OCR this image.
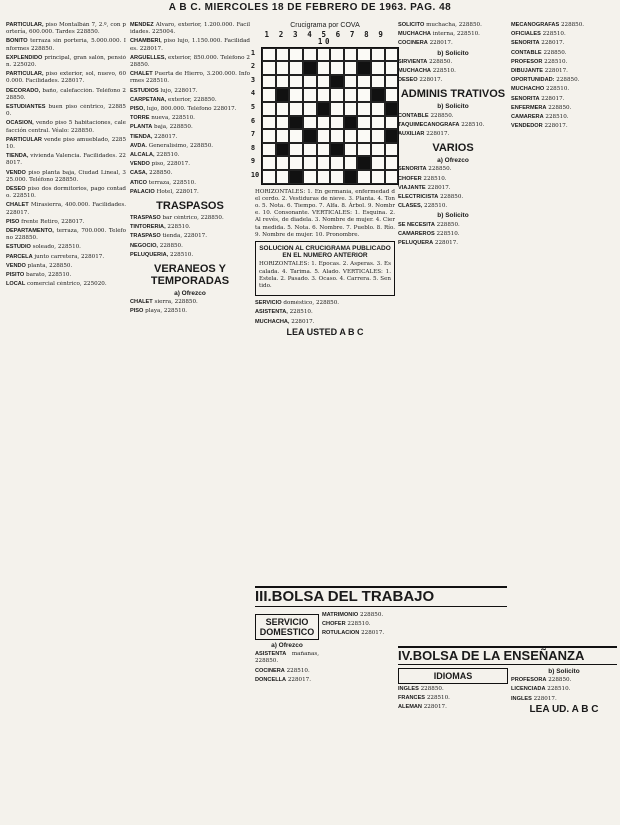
A B C. MIERCOLES 18 DE FEBRERO DE 1963. PAG. 48
PARTICULAR, piso Montalbán 7, 2.º, con portería, 600.000. Tardes 228850.
BONITO terraza sin portería, 5.000.000. Informes 228850.
EXPLENDIDO principal, gran salón, pensión. 225020.
PARTICULAR, piso exterior, sol, nuevo, 600.000. Facilidades. 228017.
DECORADO, baño, calefacción. Teléfono 228850.
ESTUDIANTES buen piso céntrico, 228850.
OCASION, vendo piso 5 habitaciones, calefacción central. Véalo: 228850.
PARTICULAR vende piso amueblado, 228510.
TIENDA, vivienda Valencia. Facilidades. 228017.
VENDO piso planta baja, Ciudad Lineal, 325.000. Teléfono 228850.
DESEO piso dos dormitorios, pago contado. 228510.
CHALET Mirasierra, 400.000. Facilidades. 228017.
PISO frente Retiro, 228017.
DEPARTAMENTO, terraza, 700.000. Teléfono 228850.
ESTUDIO soleado, 228510.
PARCELA junto carretera, 228017.
VENDO planta, 228850.
PISITO barato, 228510.
LOCAL comercial céntrico, 225020.
MENDEZ Alvaro, exterior, 1.200.000. Facilidades. 225004.
CHAMBERI, piso lujo, 1.150.000. Facilidades. 228017.
ARGUELLES, exterior, 850.000. Teléfono 228850.
CHALET Puerta de Hierro, 3.200.000. Informes 228510.
ESTUDIOS lujo, 228017.
CARPETANA, exterior, 228850.
PISO, lujo, 800.000. Teléfono 228017.
TORRE nueva, 228510.
PLANTA baja, 228850.
TIENDA, 228017.
AVDA. Generalísimo, 228850.
ALCALA, 228510.
VENDO piso, 228017.
CASA, 228850.
ATICO terraza, 228510.
PALACIO Hotel, 228017.
TRASPASOS
TRASPASO bar céntrico, 228850.
TINTORERIA, 228510.
TRASPASO tienda, 228017.
NEGOCIO, 228850.
PELUQUERIA, 228510.
VERANEOS Y TEMPORADAS
a) Ofrezco
CHALET sierra, 228850.
PISO playa, 228510.
Crucigrama por COVA
1 2 3 4 5 6 7 8 9 10
1
2
3
4
5
6
7
8
9
10
HORIZONTALES: 1. En germanía, enfermedad del cerdo. 2. Vestiduras de nieve. 3. Planta. 4. Tono. 5. Nota. 6. Tiempo. 7. Alfa. 8. Árbol. 9. Nombre. 10. Consonante. VERTICALES: 1. Esquina. 2. Al revés, de diadela. 3. Nombre de mujer. 4. Cierta medida. 5. Nota. 6. Nombre. 7. Pueblo. 8. Río. 9. Nombre de mujer. 10. Pronombre.
SOLUCION AL CRUCIGRAMA PUBLICADO EN EL NUMERO ANTERIOR
HORIZONTALES: 1. Epocas. 2. Asperas. 3. Escalada. 4. Tarima. 5. Alado. VERTICALES: 1. Estela. 2. Pasado. 3. Ocaso. 4. Carrera. 5. Sentido.
SERVICIO doméstico, 228850.
ASISTENTA, 228510.
MUCHACHA, 228017.
LEA USTED A B C
III.BOLSA DEL TRABAJO
SERVICIO DOMESTICO
a) Ofrezco
ASISTENTA mañanas, 228850.
COCINERA 228510.
DONCELLA 228017.
MATRIMONIO 228850.
CHOFER 228510.
ROTULACION 228017.
SOLICITO muchacha, 228850.
MUCHACHA interna, 228510.
COCINERA 228017.
b) Solicito
SIRVIENTA 228850.
MUCHACHA 228510.
DESEO 228017.
ADMINIS TRATIVOS
b) Solicito
CONTABLE 228850.
TAQUIMECANOGRAFA 228510.
AUXILIAR 228017.
VARIOS
a) Ofrezco
SEÑORITA 228850.
CHOFER 228510.
VIAJANTE 228017.
ELECTRICISTA 228850.
CLASES, 228510.
b) Solicito
SE NECESITA 228850.
CAMAREROS 228510.
PELUQUERA 228017.
IV.BOLSA DE LA ENSEÑANZA
IDIOMAS
INGLES 228850.
FRANCES 228510.
ALEMAN 228017.
MECANOGRAFAS 228850.
OFICIALES 228510.
SEÑORITA 228017.
CONTABLE 228850.
PROFESOR 228510.
DIBUJANTE 228017.
OPORTUNIDAD: 228850.
MUCHACHO 228510.
SEÑORITA 228017.
ENFERMERA 228850.
CAMARERA 228510.
VENDEDOR 228017.
b) Solicito
PROFESORA 228850.
LICENCIADA 228510.
INGLES 228017.
LEA UD. A B C
